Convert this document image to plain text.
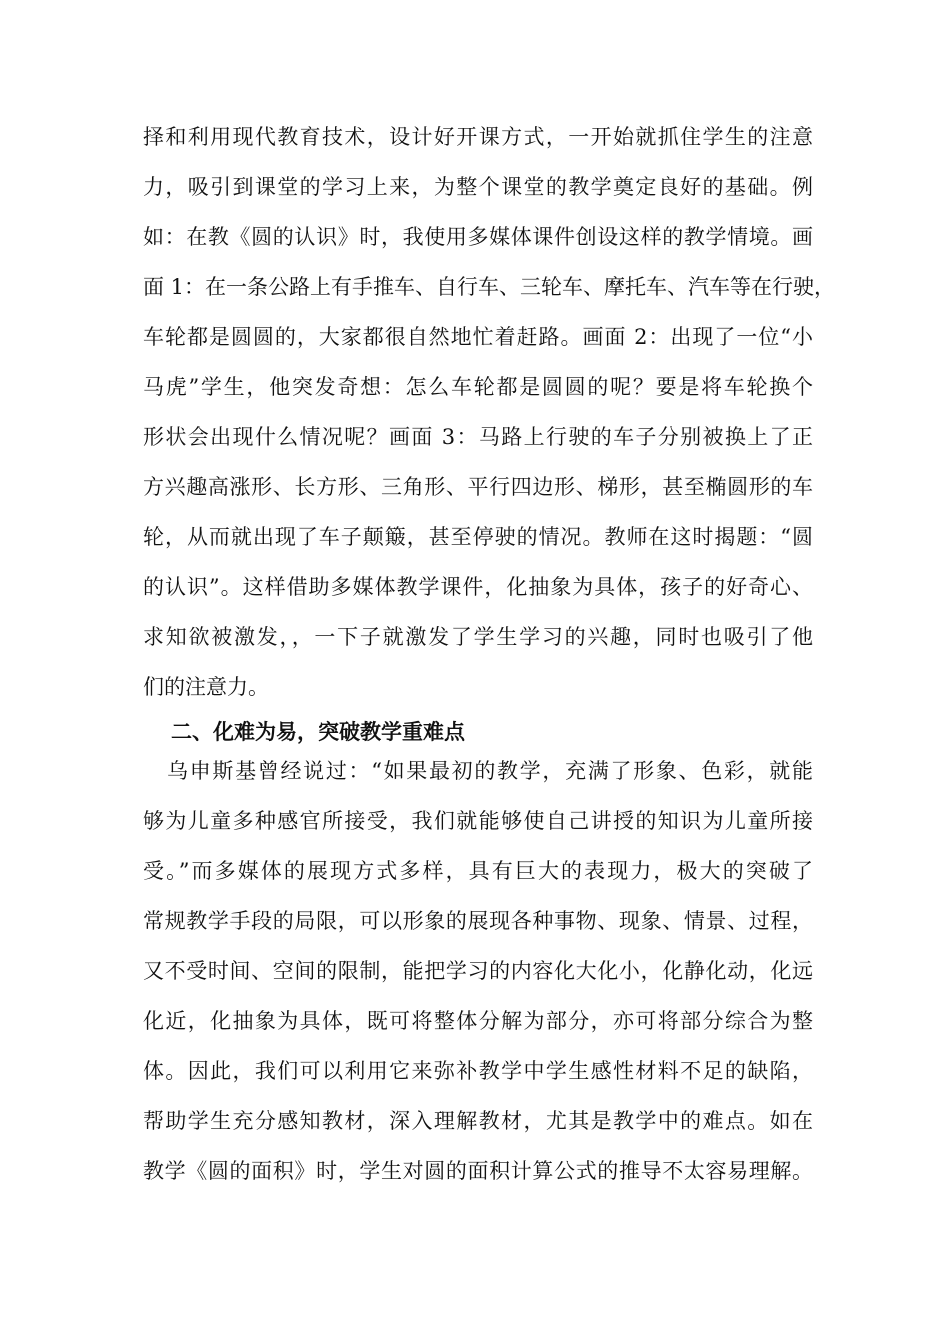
择和利用现代教育技术，设计好开课方式，一开始就抓住学生的注意
力，吸引到课堂的学习上来，为整个课堂的教学奠定良好的基础。例
如：在教《圆的认识》时，我使用多媒体课件创设这样的教学情境。画
面 1：在一条公路上有手推车、自行车、三轮车、摩托车、汽车等在行驶，
车轮都是圆圆的，大家都很自然地忙着赶路。画面 2：出现了一位“小
马虎”学生，他突发奇想：怎么车轮都是圆圆的呢？要是将车轮换个
形状会出现什么情况呢？画面 3：马路上行驶的车子分别被换上了正
方兴趣高涨形、长方形、三角形、平行四边形、梯形，甚至椭圆形的车
轮，从而就出现了车子颠簸，甚至停驶的情况。教师在这时揭题：“圆
的认识”。这样借助多媒体教学课件，化抽象为具体，孩子的好奇心、
求知欲被激发，，一下子就激发了学生学习的兴趣，同时也吸引了他
们的注意力。
二、化难为易，突破教学重难点
乌申斯基曾经说过：“如果最初的教学，充满了形象、色彩，就能
够为儿童多种感官所接受，我们就能够使自己讲授的知识为儿童所接
受。”而多媒体的展现方式多样，具有巨大的表现力，极大的突破了
常规教学手段的局限，可以形象的展现各种事物、现象、情景、过程，
又不受时间、空间的限制，能把学习的内容化大化小，化静化动，化远
化近，化抽象为具体，既可将整体分解为部分，亦可将部分综合为整
体。因此，我们可以利用它来弥补教学中学生感性材料不足的缺陷，
帮助学生充分感知教材，深入理解教材，尤其是教学中的难点。如在
教学《圆的面积》时，学生对圆的面积计算公式的推导不太容易理解。
